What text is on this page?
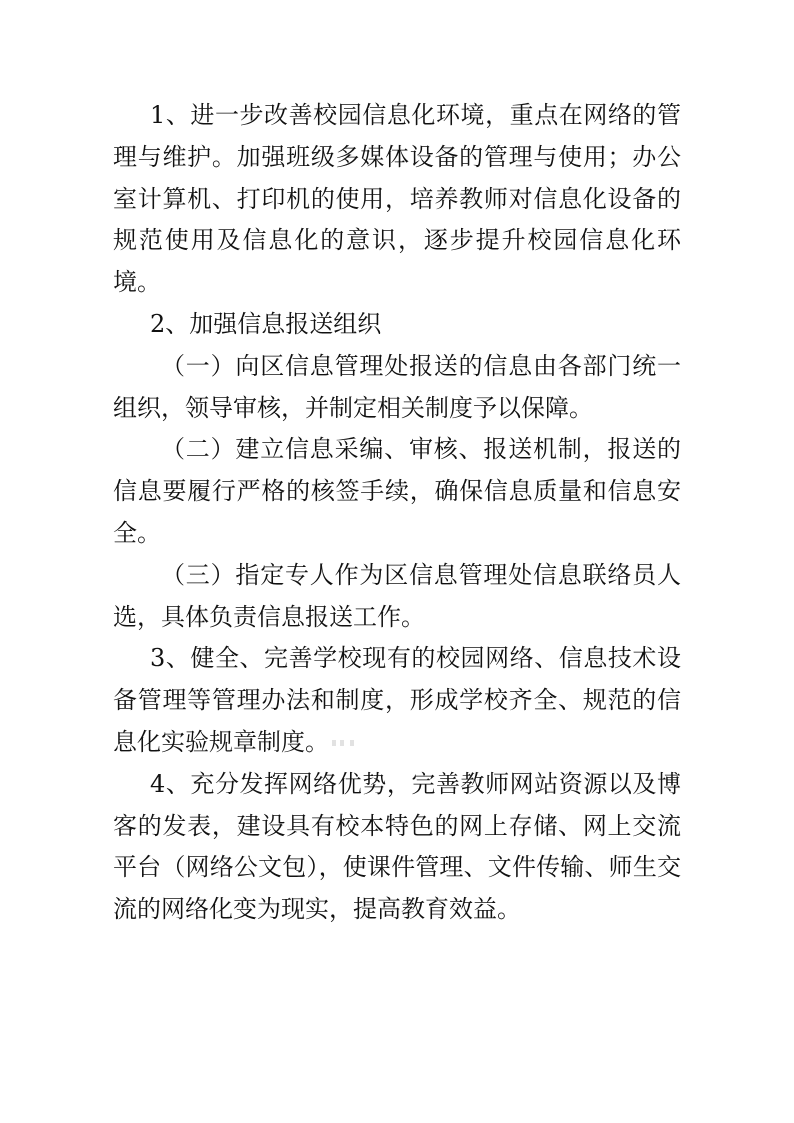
1、进一步改善校园信息化环境，重点在网络的管理与维护。加强班级多媒体设备的管理与使用；办公室计算机、打印机的使用，培养教师对信息化设备的规范使用及信息化的意识，逐步提升校园信息化环境。

2、加强信息报送组织

（一）向区信息管理处报送的信息由各部门统一组织，领导审核，并制定相关制度予以保障。

（二）建立信息采编、审核、报送机制，报送的信息要履行严格的核签手续，确保信息质量和信息安全。

（三）指定专人作为区信息管理处信息联络员人选，具体负责信息报送工作。

3、健全、完善学校现有的校园网络、信息技术设备管理等管理办法和制度，形成学校齐全、规范的信息化实验规章制度。

4、充分发挥网络优势，完善教师网站资源以及博客的发表，建设具有校本特色的网上存储、网上交流平台（网络公文包），使课件管理、文件传输、师生交流的网络化变为现实，提高教育效益。
